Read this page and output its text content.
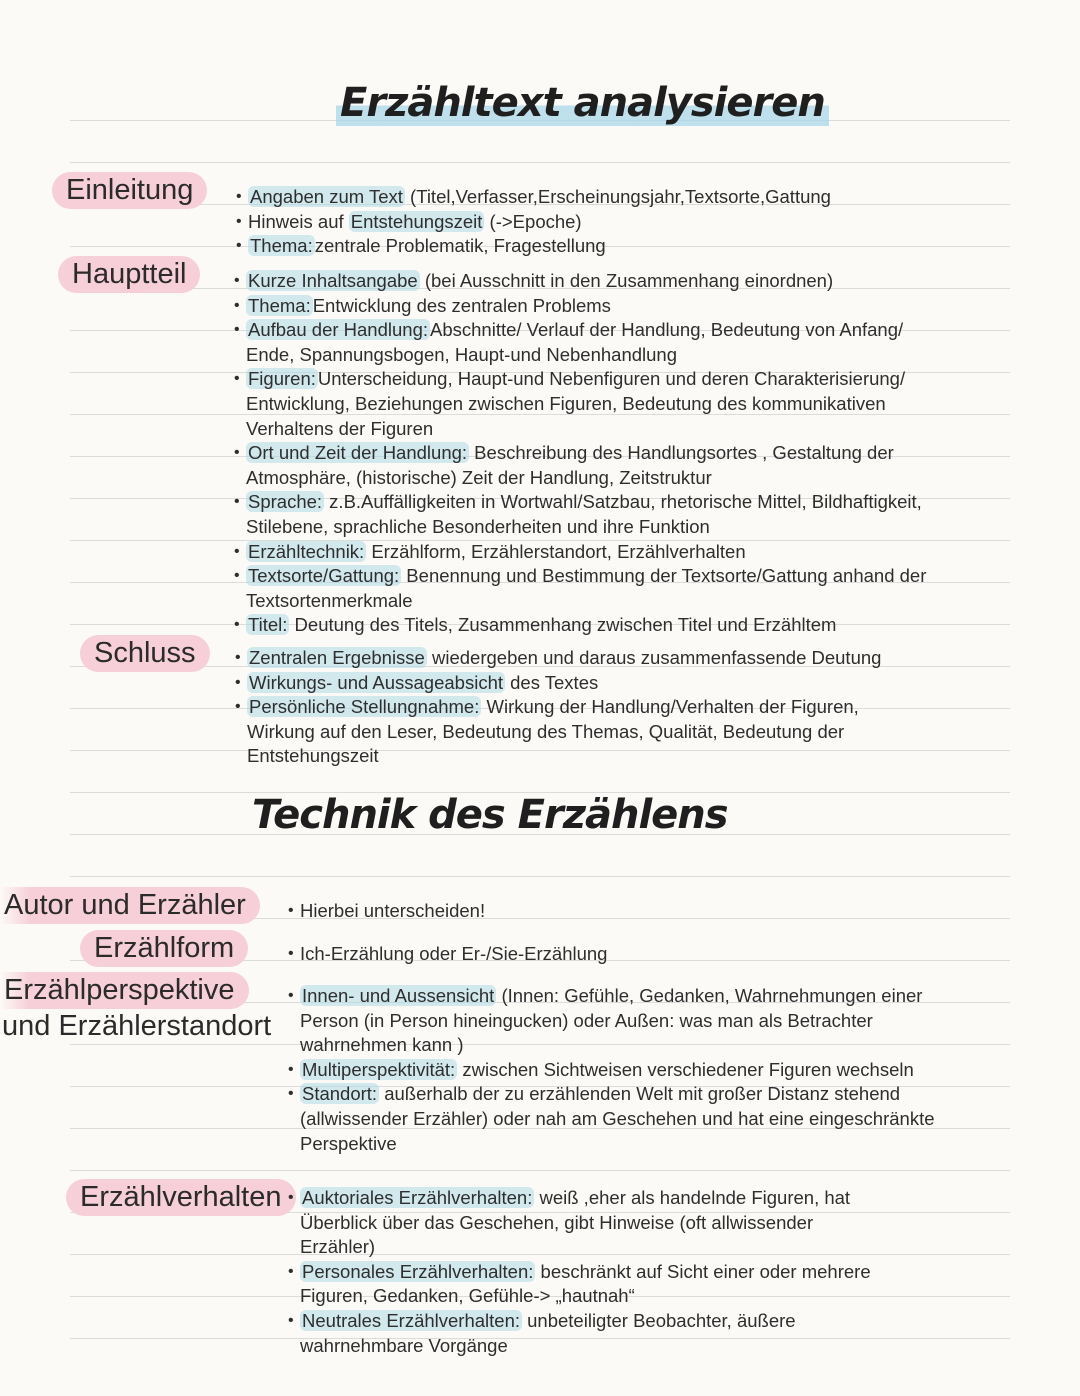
Erzähltext analysieren
Einleitung	• Angaben zum Text (Titel,Verfasser,Erscheinungsjahr,Textsorte,Gattung
• Hinweis auf Entstehungszeit (->Epoche)
• Thema: zentrale Problematik, Fragestellung
Hauptteil	• Kurze Inhaltsangabe (bei Ausschnitt in den Zusammenhang einordnen)
• Thema: Entwicklung des zentralen Problems
• Aufbau der Handlung: Abschnitte/ Verlauf der Handlung, Bedeutung von Anfang/
Ende, Spannungsbogen, Haupt-und Nebenhandlung
• Figuren: Unterscheidung, Haupt-und Nebenfiguren und deren Charakterisierung/
Entwicklung, Beziehungen zwischen Figuren, Bedeutung des kommunikativen
Verhaltens der Figuren
• Ort und Zeit der Handlung: Beschreibung des Handlungsortes , Gestaltung der
Atmosphäre, (historische) Zeit der Handlung, Zeitstruktur
• Sprache: z.B.Auffälligkeiten in Wortwahl/Satzbau, rhetorische Mittel, Bildhaftigkeit,
Stilebene, sprachliche Besonderheiten und ihre Funktion
• Erzähltechnik: Erzählform, Erzählerstandort, Erzählverhalten
• Textsorte/Gattung: Benennung und Bestimmung der Textsorte/Gattung anhand der
Textsortenmerkmale
• Titel: Deutung des Titels, Zusammenhang zwischen Titel und Erzähltem
Schluss	• Zentralen Ergebnisse wiedergeben und daraus zusammenfassende Deutung
• Wirkungs- und Aussageabsicht des Textes
• Persönliche Stellungnahme: Wirkung der Handlung/Verhalten der Figuren,
Wirkung auf den Leser, Bedeutung des Themas, Qualität, Bedeutung der
Entstehungszeit
Technik des Erzählens
Autor und Erzähler	• Hierbei unterscheiden!
Erzählform	• Ich-Erzählung oder Er-/Sie-Erzählung
Erzählperspektive
und Erzählerstandort
• Innen- und Aussensicht (Innen: Gefühle, Gedanken, Wahrnehmungen einer
Person (in Person hineingucken) oder Außen: was man als Betrachter
wahrnehmen kann )
• Multiperspektivität: zwischen Sichtweisen verschiedener Figuren wechseln
• Standort: außerhalb der zu erzählenden Welt mit großer Distanz stehend
(allwissender Erzähler) oder nah am Geschehen und hat eine eingeschränkte
Perspektive
Erzählverhalten	• Auktoriales Erzählverhalten: weiß ,eher als handelnde Figuren, hat
Überblick über das Geschehen, gibt Hinweise (oft allwissender
Erzähler)
• Personales Erzählverhalten: beschränkt auf Sicht einer oder mehrere
Figuren, Gedanken, Gefühle-> „hautnah“
• Neutrales Erzählverhalten: unbeteiligter Beobachter, äußere
wahrnehmbare Vorgänge
